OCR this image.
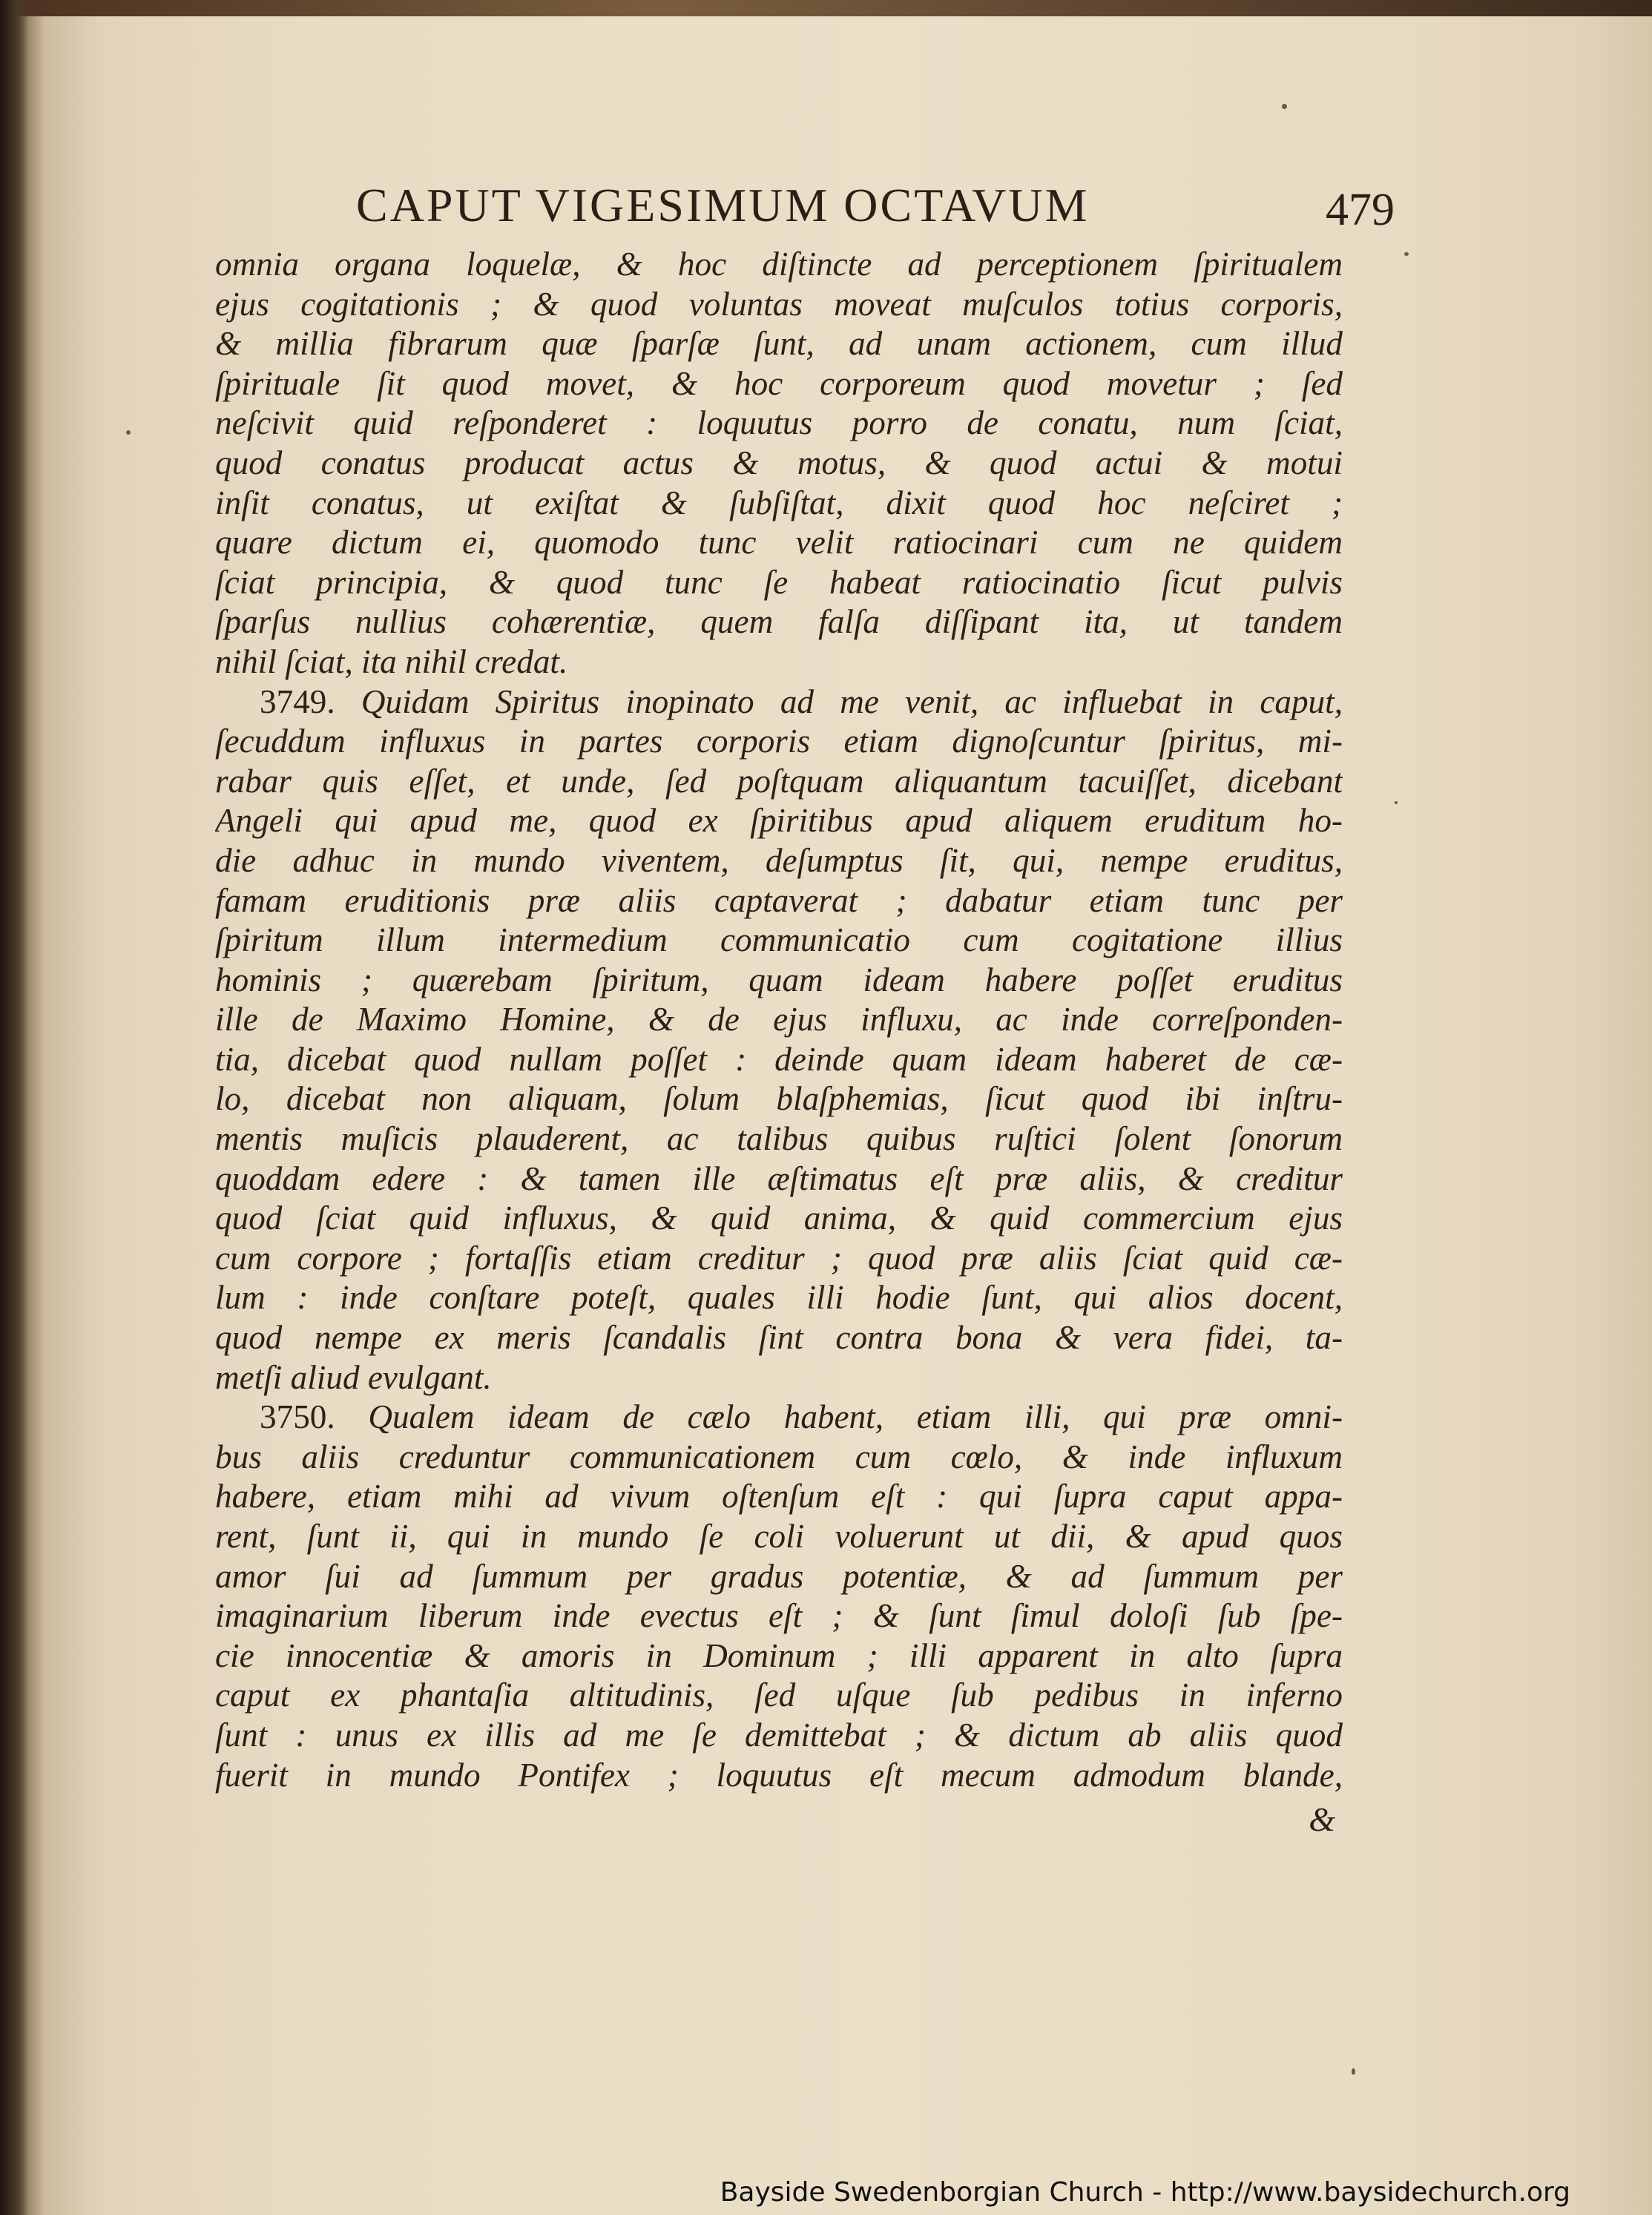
CAPUT VIGESIMUM OCTAVUM	479
omnia organa loquelæ, & hoc diſtincte ad perceptionem ſpiritualem
ejus cogitationis ; & quod voluntas moveat muſculos totius corporis,
& millia fibrarum quæ ſparſæ ſunt, ad unam actionem, cum illud
ſpirituale ſit quod movet, & hoc corporeum quod movetur ; ſed
neſcivit quid reſponderet : loquutus porro de conatu, num ſciat,
quod conatus producat actus & motus, & quod actui & motui
inſit conatus, ut exiſtat & ſubſiſtat, dixit quod hoc neſciret ;
quare dictum ei, quomodo tunc velit ratiocinari cum ne quidem
ſciat principia, & quod tunc ſe habeat ratiocinatio ſicut pulvis
ſparſus nullius cohærentiæ, quem falſa diſſipant ita, ut tandem
nihil ſciat, ita nihil credat.
3749. Quidam Spiritus inopinato ad me venit, ac influebat in caput,
ſecuddum influxus in partes corporis etiam dignoſcuntur ſpiritus, mi-
rabar quis eſſet, et unde, ſed poſtquam aliquantum tacuiſſet, dicebant
Angeli qui apud me, quod ex ſpiritibus apud aliquem eruditum ho-
die adhuc in mundo viventem, deſumptus ſit, qui, nempe eruditus,
famam eruditionis præ aliis captaverat ; dabatur etiam tunc per
ſpiritum illum intermedium communicatio cum cogitatione illius
hominis ; quærebam ſpiritum, quam ideam habere poſſet eruditus
ille de Maximo Homine, & de ejus influxu, ac inde correſponden-
tia, dicebat quod nullam poſſet : deinde quam ideam haberet de cæ-
lo, dicebat non aliquam, ſolum blaſphemias, ſicut quod ibi inſtru-
mentis muſicis plauderent, ac talibus quibus ruſtici ſolent ſonorum
quoddam edere : & tamen ille æſtimatus eſt præ aliis, & creditur
quod ſciat quid influxus, & quid anima, & quid commercium ejus
cum corpore ; fortaſſis etiam creditur ; quod præ aliis ſciat quid cæ-
lum : inde conſtare poteſt, quales illi hodie ſunt, qui alios docent,
quod nempe ex meris ſcandalis ſint contra bona & vera fidei, ta-
metſi aliud evulgant.
3750. Qualem ideam de cælo habent, etiam illi, qui præ omni-
bus aliis creduntur communicationem cum cœlo, & inde influxum
habere, etiam mihi ad vivum oſtenſum eſt : qui ſupra caput appa-
rent, ſunt ii, qui in mundo ſe coli voluerunt ut dii, & apud quos
amor ſui ad ſummum per gradus potentiæ, & ad ſummum per
imaginarium liberum inde evectus eſt ; & ſunt ſimul doloſi ſub ſpe-
cie innocentiæ & amoris in Dominum ; illi apparent in alto ſupra
caput ex phantaſia altitudinis, ſed uſque ſub pedibus in inferno
ſunt : unus ex illis ad me ſe demittebat ; & dictum ab aliis quod
fuerit in mundo Pontifex ; loquutus eſt mecum admodum blande,
&
Bayside Swedenborgian Church - http://www.baysidechurch.org
